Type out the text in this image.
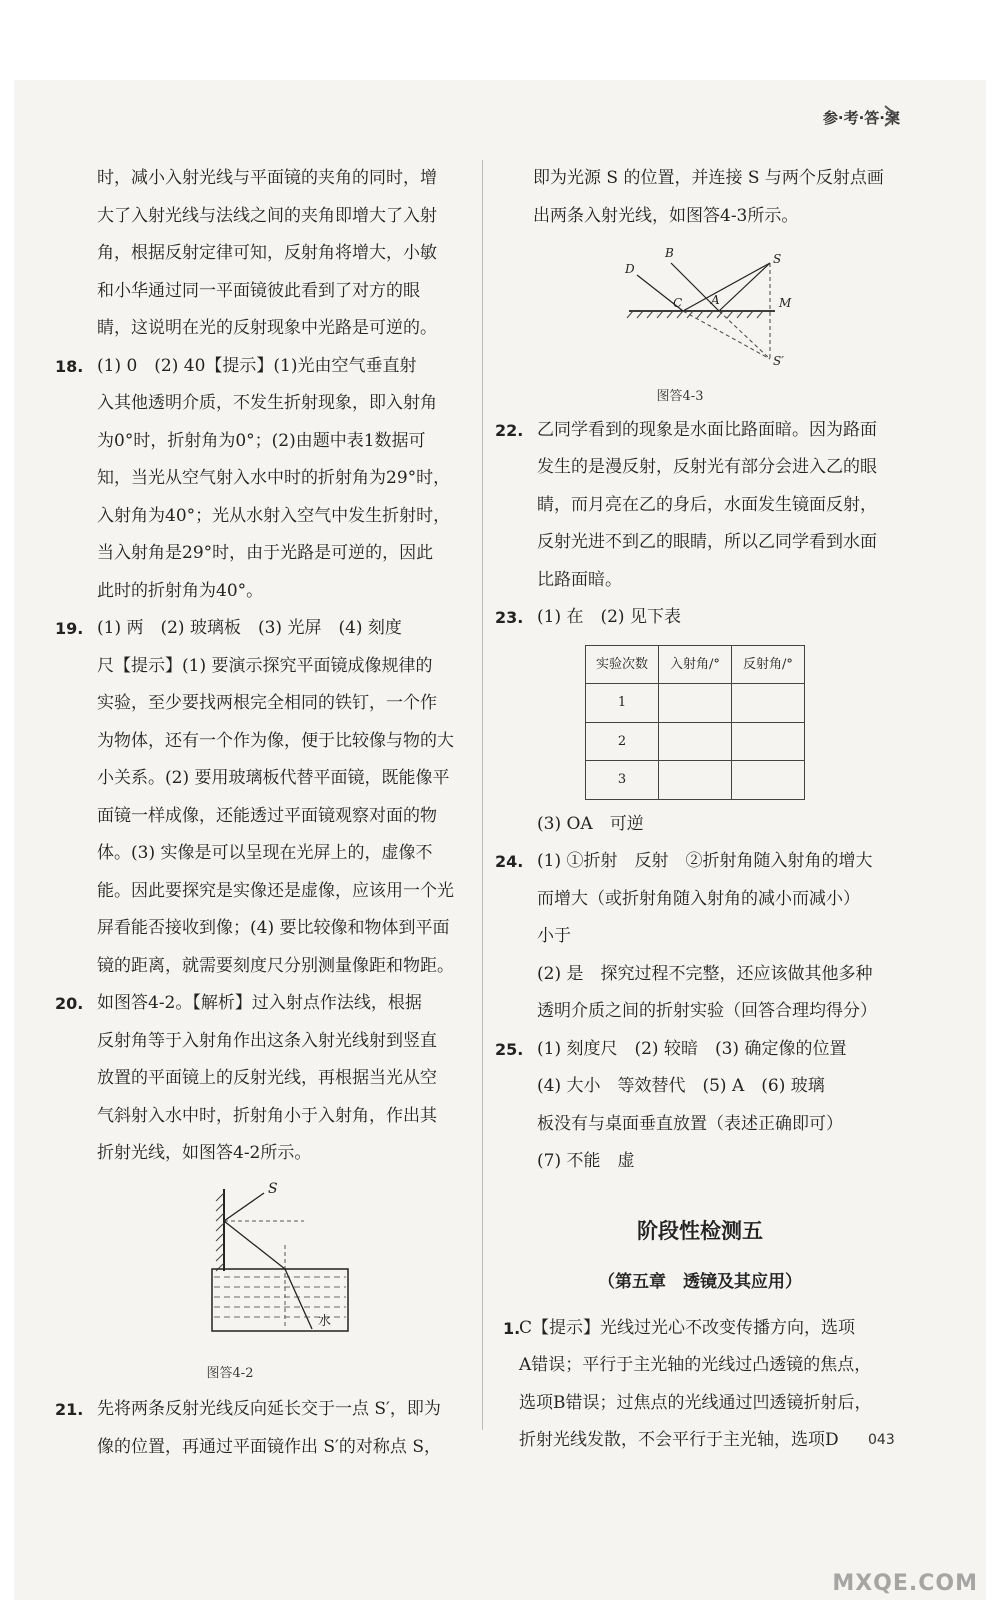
参·考·答·案
时，减小入射光线与平面镜的夹角的同时，增
大了入射光线与法线之间的夹角即增大了入射
角，根据反射定律可知，反射角将增大，小敏
和小华通过同一平面镜彼此看到了对方的眼
睛，这说明在光的反射现象中光路是可逆的。
18. (1) 0　(2) 40【提示】(1)光由空气垂直射
入其他透明介质，不发生折射现象，即入射角
为0°时，折射角为0°；(2)由题中表1数据可
知，当光从空气射入水中时的折射角为29°时，
入射角为40°；光从水射入空气中发生折射时，
当入射角是29°时，由于光路是可逆的，因此
此时的折射角为40°。
19. (1) 两　(2) 玻璃板　(3) 光屏　(4) 刻度
尺【提示】(1) 要演示探究平面镜成像规律的
实验，至少要找两根完全相同的铁钉，一个作
为物体，还有一个作为像，便于比较像与物的大
小关系。(2) 要用玻璃板代替平面镜，既能像平
面镜一样成像，还能透过平面镜观察对面的物
体。(3) 实像是可以呈现在光屏上的，虚像不
能。因此要探究是实像还是虚像，应该用一个光
屏看能否接收到像；(4) 要比较像和物体到平面
镜的距离，就需要刻度尺分别测量像距和物距。
20. 如图答4-2。【解析】过入射点作法线，根据
反射角等于入射角作出这条入射光线射到竖直
放置的平面镜上的反射光线，再根据当光从空
气斜射入水中时，折射角小于入射角，作出其
折射光线，如图答4-2所示。
S
水
图答4-2
21. 先将两条反射光线反向延长交于一点 S′，即为
像的位置，再通过平面镜作出 S′的对称点 S，
即为光源 S 的位置，并连接 S 与两个反射点画
出两条入射光线，如图答4-3所示。
B
D
C A
S
M
S′
图答4-3
22. 乙同学看到的现象是水面比路面暗。因为路面
发生的是漫反射，反射光有部分会进入乙的眼
睛，而月亮在乙的身后，水面发生镜面反射，
反射光进不到乙的眼睛，所以乙同学看到水面
比路面暗。
23. (1) 在　(2) 见下表
实验次数	入射角/°	反射角/°
1		
2		
3		
(3) OA　可逆
24. (1) ①折射　反射　②折射角随入射角的增大
而增大（或折射角随入射角的减小而减小）
小于
(2) 是　探究过程不完整，还应该做其他多种
透明介质之间的折射实验（回答合理均得分）
25. (1) 刻度尺　(2) 较暗　(3) 确定像的位置
(4) 大小　等效替代　(5) A　(6) 玻璃
板没有与桌面垂直放置（表述正确即可）
(7) 不能　虚
阶段性检测五
（第五章　透镜及其应用）
1.
C【提示】光线过光心不改变传播方向，选项
A错误；平行于主光轴的光线过凸透镜的焦点，
选项B错误；过焦点的光线通过凹透镜折射后，
折射光线发散，不会平行于主光轴，选项D	043
MXQE.COM
